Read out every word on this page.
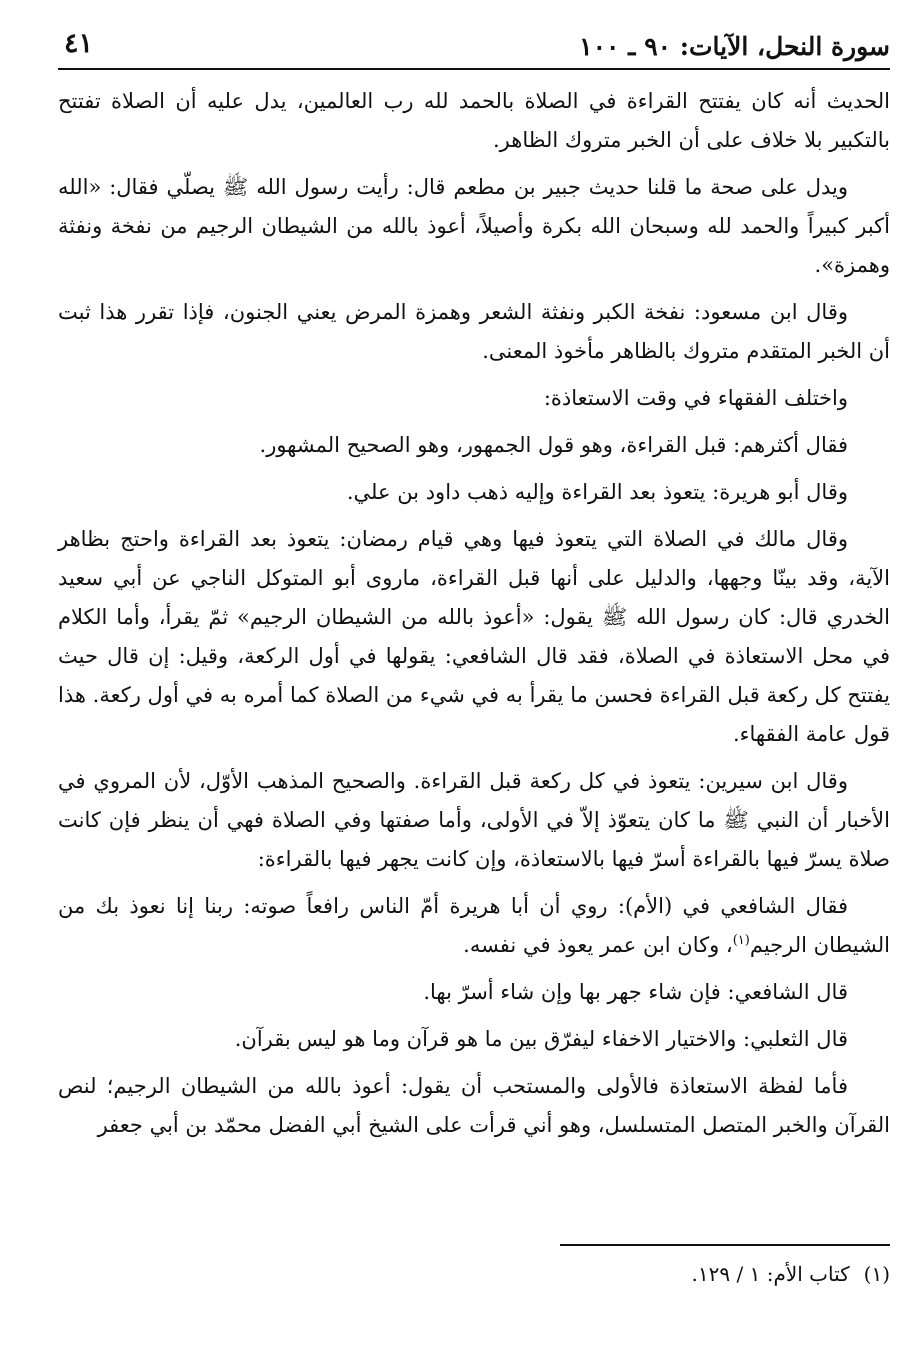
سورة النحل، الآيات: ٩٠ ـ ١٠٠
٤١

الحديث أنه كان يفتتح القراءة في الصلاة بالحمد لله رب العالمين، يدل عليه أن الصلاة تفتتح بالتكبير بلا خلاف على أن الخبر متروك الظاهر.

ويدل على صحة ما قلنا حديث جبير بن مطعم قال: رأيت رسول الله ﷺ يصلّي فقال: «الله أكبر كبيراً والحمد لله وسبحان الله بكرة وأصيلاً، أعوذ بالله من الشيطان الرجيم من نفخة ونفثة وهمزة».

وقال ابن مسعود: نفخة الكبر ونفثة الشعر وهمزة المرض يعني الجنون، فإذا تقرر هذا ثبت أن الخبر المتقدم متروك بالظاهر مأخوذ المعنى.

واختلف الفقهاء في وقت الاستعاذة:

فقال أكثرهم: قبل القراءة، وهو قول الجمهور، وهو الصحيح المشهور.

وقال أبو هريرة: يتعوذ بعد القراءة وإليه ذهب داود بن علي.

وقال مالك في الصلاة التي يتعوذ فيها وهي قيام رمضان: يتعوذ بعد القراءة واحتج بظاهر الآية، وقد بينّا وجهها، والدليل على أنها قبل القراءة، ماروى أبو المتوكل الناجي عن أبي سعيد الخدري قال: كان رسول الله ﷺ يقول: «أعوذ بالله من الشيطان الرجيم» ثمّ يقرأ، وأما الكلام في محل الاستعاذة في الصلاة، فقد قال الشافعي: يقولها في أول الركعة، وقيل: إن قال حيث يفتتح كل ركعة قبل القراءة فحسن ما يقرأ به في شيء من الصلاة كما أمره به في أول ركعة. هذا قول عامة الفقهاء.

وقال ابن سيرين: يتعوذ في كل ركعة قبل القراءة. والصحيح المذهب الأوّل، لأن المروي في الأخبار أن النبي ﷺ ما كان يتعوّذ إلاّ في الأولى، وأما صفتها وفي الصلاة فهي أن ينظر فإن كانت صلاة يسرّ فيها بالقراءة أسرّ فيها بالاستعاذة، وإن كانت يجهر فيها بالقراءة:

فقال الشافعي في (الأم): روي أن أبا هريرة أمّ الناس رافعاً صوته: ربنا إنا نعوذ بك من الشيطان الرجيم$^{(١)}$، وكان ابن عمر يعوذ في نفسه.

قال الشافعي: فإن شاء جهر بها وإن شاء أسرّ بها.

قال الثعلبي: والاختيار الاخفاء ليفرّق بين ما هو قرآن وما هو ليس بقرآن.

فأما لفظة الاستعاذة فالأولى والمستحب أن يقول: أعوذ بالله من الشيطان الرجيم؛ لنص القرآن والخبر المتصل المتسلسل، وهو أني قرأت على الشيخ أبي الفضل محمّد بن أبي جعفر

(١)كتاب الأم: ١ / ١٢٩.
